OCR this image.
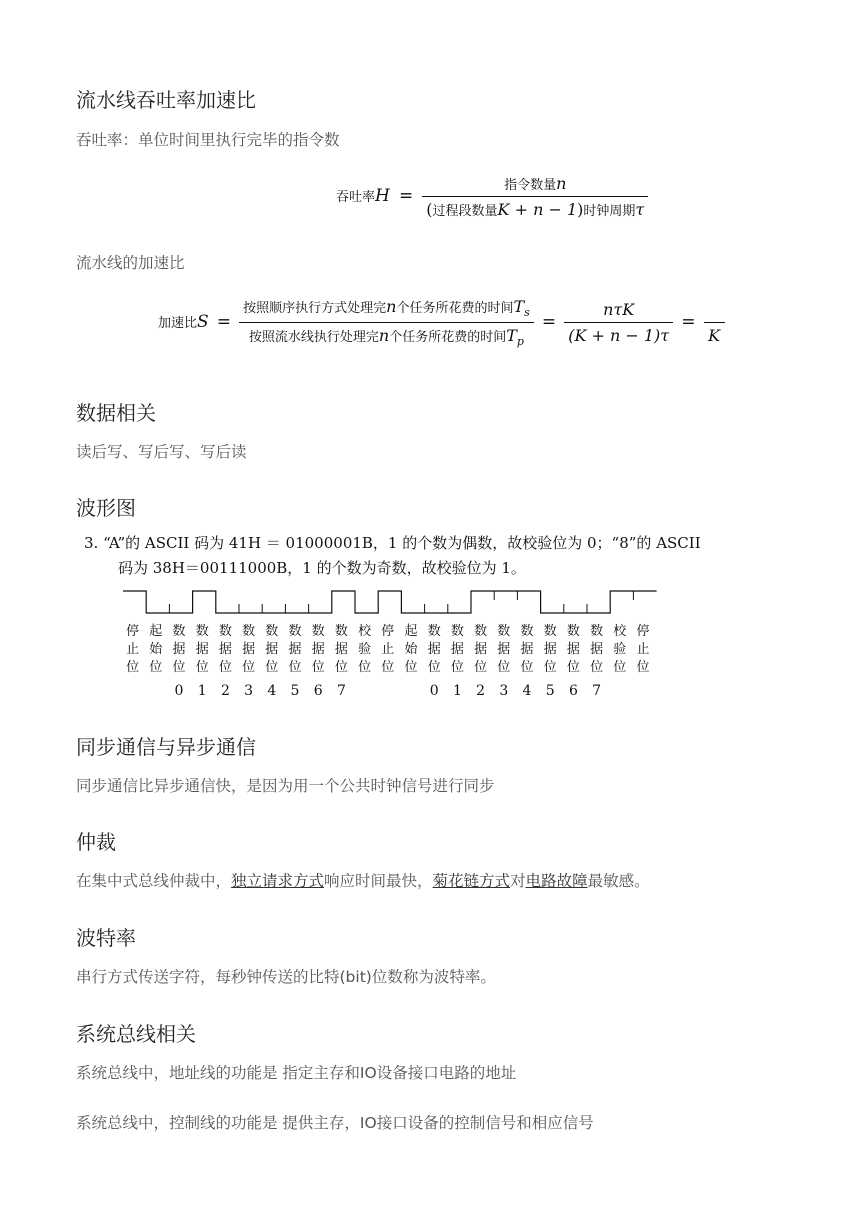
流水线吞吐率加速比

吞吐率：单位时间里执行完毕的指令数

吞吐率$H = \frac{\text{指令数量n}}{\text{(过程段数量K + n − 1)时钟周期τ}}$

流水线的加速比

加速比$S = \frac{按照顺序执行方式处理完n个任务所花费的时间T_s}{按照流水线执行处理完n个任务所花费的时间T_p} = \frac{\text{nτK}}{(K + n - 1)\tau}$ =

K
数据相关

读后写、写后写、写后读

波形图
3. “A”的 ASCII 码为 41H ＝ 01000001B，1 的个数为偶数，故校验位为 0；“8”的 ASCII
码为 38H＝00111000B，1 的个数为奇数，故校验位为 1。
停
止
位
起
始
位
数
据
位
数
据
位
数
据
位
数
据
位
数
据
位
数
据
位
数
据
位
数
据
位
校
验
位
停
止
位
起
始
位
数
据
位
数
据
位
数
据
位
数
据
位
数
据
位
数
据
位
数
据
位
数
据
位
校
验
位
停
止
位
0 1 2 3 4 5 6 7	0 1 2 3 4 5 6 7
同步通信与异步通信

同步通信比异步通信快，是因为用一个公共时钟信号进行同步

仲裁

在集中式总线仲裁中，独立请求方式响应时间最快，菊花链方式对电路故障最敏感。

波特率

串行方式传送字符，每秒钟传送的比特(bit)位数称为波特率。

系统总线相关

系统总线中，地址线的功能是 指定主存和IO设备接口电路的地址

系统总线中，控制线的功能是 提供主存，IO接口设备的控制信号和相应信号
